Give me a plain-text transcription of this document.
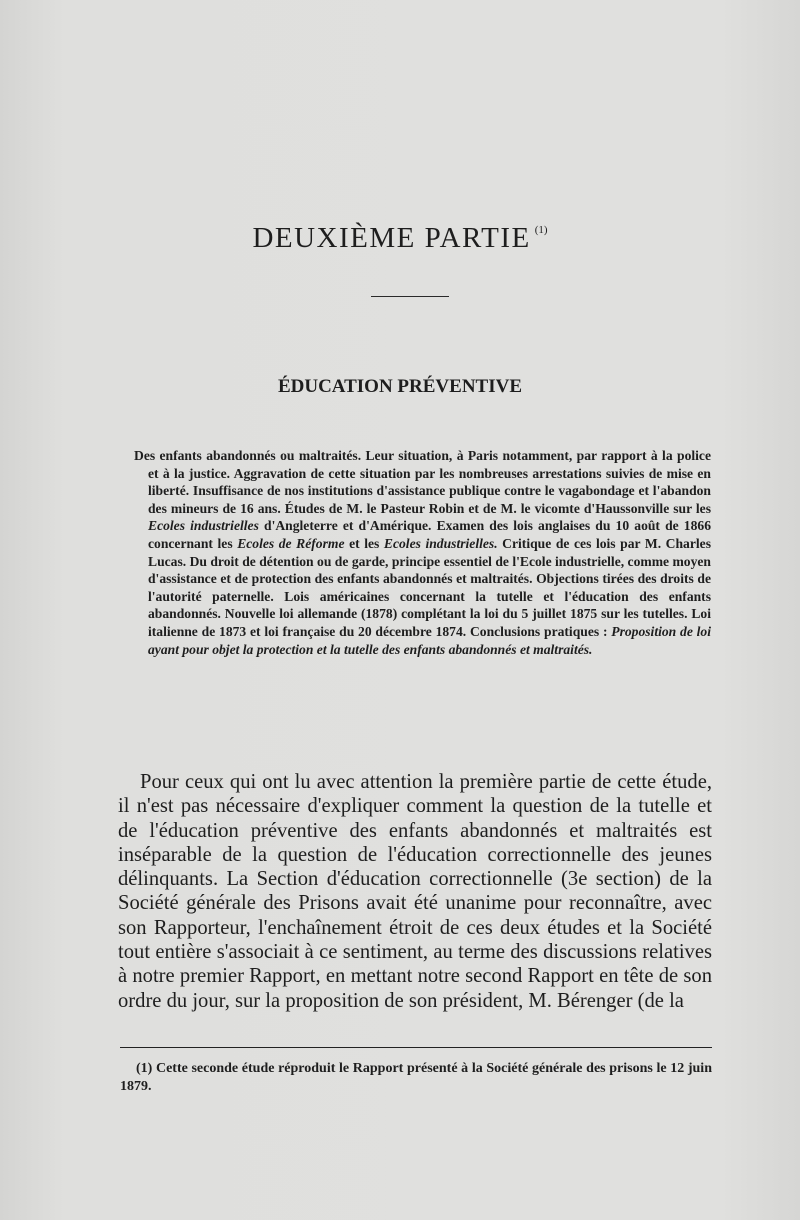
DEUXIÈME PARTIE $^{(1)}$
ÉDUCATION PRÉVENTIVE

Des enfants abandonnés ou maltraités. Leur situation, à Paris notamment, par rapport à la police et à la justice. Aggravation de cette situation par les nombreuses arrestations suivies de mise en liberté. Insuffisance de nos institutions d'assistance publique contre le vagabondage et l'abandon des mineurs de 16 ans. Études de M. le Pasteur Robin et de M. le vicomte d'Haussonville sur les Ecoles industrielles d'Angleterre et d'Amérique. Examen des lois anglaises du 10 août de 1866 concernant les Ecoles de Réforme et les Ecoles industrielles. Critique de ces lois par M. Charles Lucas. Du droit de détention ou de garde, principe essentiel de l'Ecole industrielle, comme moyen d'assistance et de protection des enfants abandonnés et maltraités. Objections tirées des droits de l'autorité paternelle. Lois américaines concernant la tutelle et l'éducation des enfants abandonnés. Nouvelle loi allemande (1878) complétant la loi du 5 juillet 1875 sur les tutelles. Loi italienne de 1873 et loi française du 20 décembre 1874. Conclusions pratiques : Proposition de loi ayant pour objet la protection et la tutelle des enfants abandonnés et maltraités.

Pour ceux qui ont lu avec attention la première partie de cette étude, il n'est pas nécessaire d'expliquer comment la question de la tutelle et de l'éducation préventive des enfants abandonnés et maltraités est inséparable de la question de l'éducation correctionnelle des jeunes délinquants. La Section d'éducation correctionnelle (3e section) de la Société générale des Prisons avait été unanime pour reconnaître, avec son Rapporteur, l'enchaînement étroit de ces deux études et la Société tout entière s'associait à ce sentiment, au terme des discussions relatives à notre premier Rapport, en mettant notre second Rapport en tête de son ordre du jour, sur la proposition de son président, M. Bérenger (de la

(1) Cette seconde étude réproduit le Rapport présenté à la Société générale des prisons le 12 juin 1879.
